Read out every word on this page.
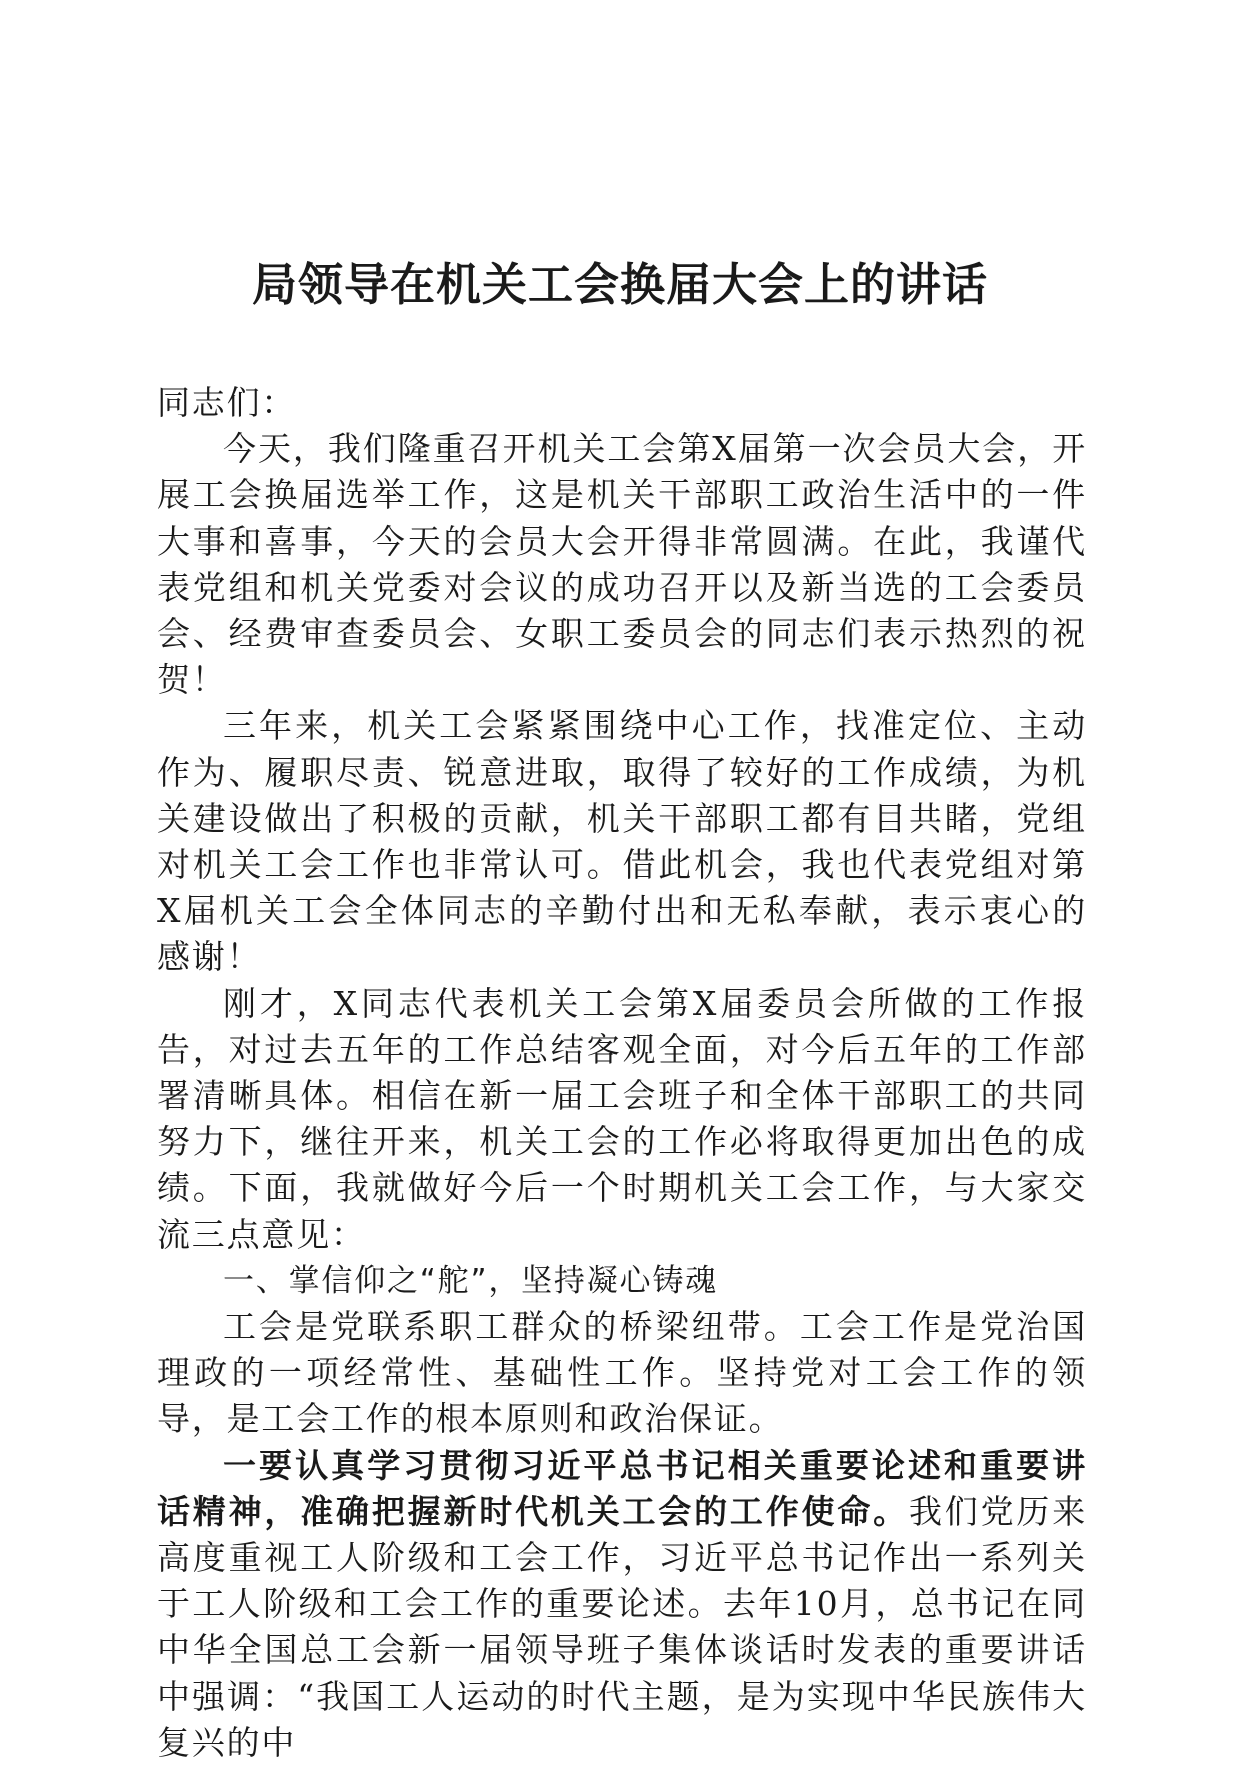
局领导在机关工会换届大会上的讲话

同志们：

今天，我们隆重召开机关工会第X届第一次会员大会，开展工会换届选举工作，这是机关干部职工政治生活中的一件大事和喜事，今天的会员大会开得非常圆满。在此，我谨代表党组和机关党委对会议的成功召开以及新当选的工会委员会、经费审查委员会、女职工委员会的同志们表示热烈的祝贺！

三年来，机关工会紧紧围绕中心工作，找准定位、主动作为、履职尽责、锐意进取，取得了较好的工作成绩，为机关建设做出了积极的贡献，机关干部职工都有目共睹，党组对机关工会工作也非常认可。借此机会，我也代表党组对第X届机关工会全体同志的辛勤付出和无私奉献，表示衷心的感谢！

刚才，X同志代表机关工会第X届委员会所做的工作报告，对过去五年的工作总结客观全面，对今后五年的工作部署清晰具体。相信在新一届工会班子和全体干部职工的共同努力下，继往开来，机关工会的工作必将取得更加出色的成绩。下面，我就做好今后一个时期机关工会工作，与大家交流三点意见：

一、掌信仰之“舵”，坚持凝心铸魂

工会是党联系职工群众的桥梁纽带。工会工作是党治国理政的一项经常性、基础性工作。坚持党对工会工作的领导，是工会工作的根本原则和政治保证。

一要认真学习贯彻习近平总书记相关重要论述和重要讲话精神，准确把握新时代机关工会的工作使命。我们党历来高度重视工人阶级和工会工作，习近平总书记作出一系列关于工人阶级和工会工作的重要论述。去年10月，总书记在同中华全国总工会新一届领导班子集体谈话时发表的重要讲话中强调：“我国工人运动的时代主题，是为实现中华民族伟大复兴的中
